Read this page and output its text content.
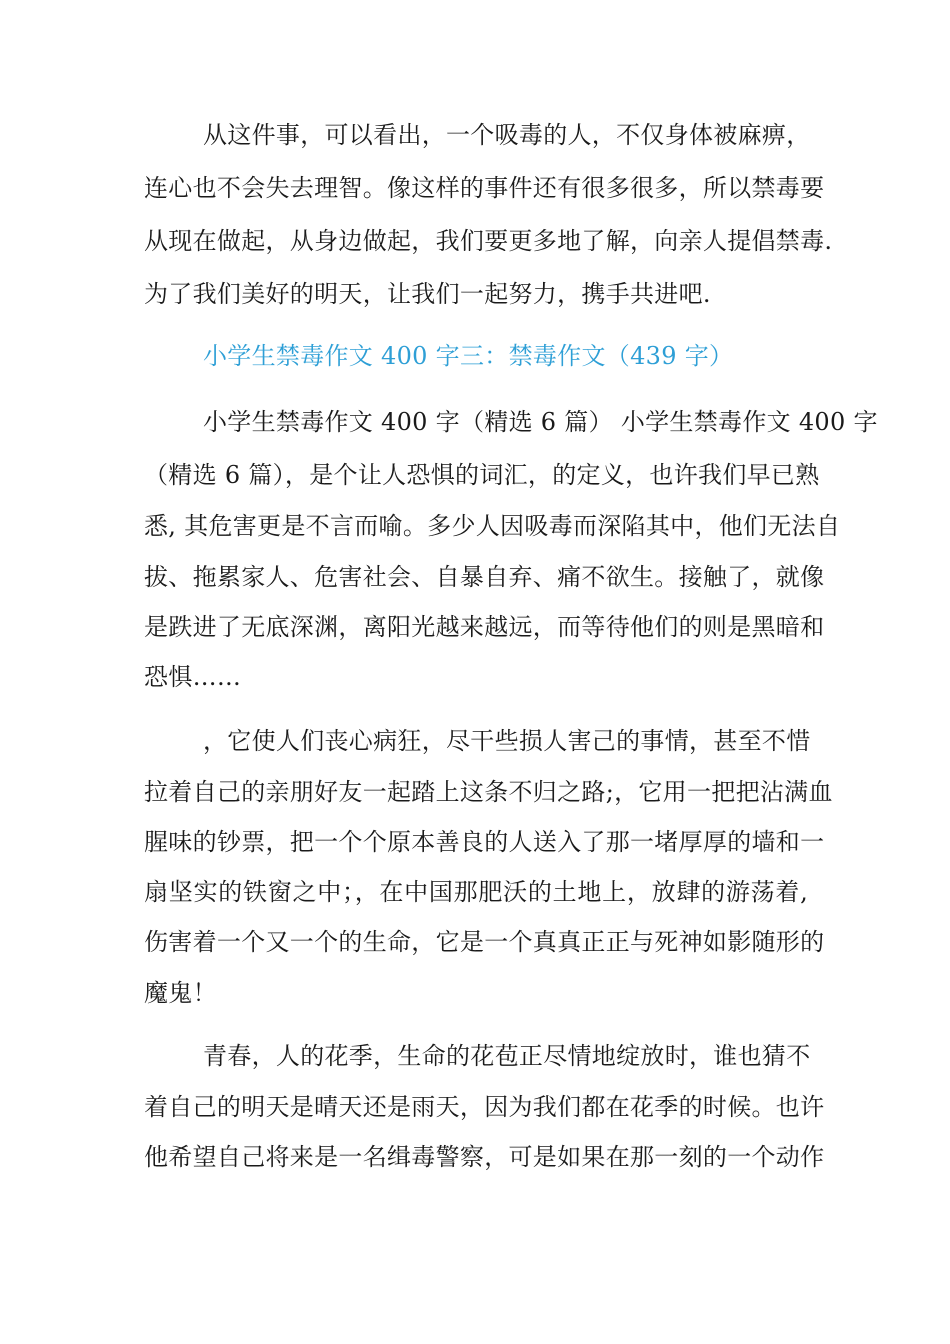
从这件事，可以看出，一个吸毒的人，不仅身体被麻痹，
连心也不会失去理智。像这样的事件还有很多很多，所以禁毒要
从现在做起，从身边做起，我们要更多地了解，向亲人提倡禁毒.
为了我们美好的明天，让我们一起努力，携手共进吧.
小学生禁毒作文 400 字三：禁毒作文（439 字）
小学生禁毒作文 400 字（精选 6 篇） 小学生禁毒作文 400 字
（精选 6 篇），是个让人恐惧的词汇，的定义，也许我们早已熟
悉, 其危害更是不言而喻。多少人因吸毒而深陷其中，他们无法自
拔、拖累家人、危害社会、自暴自弃、痛不欲生。接触了，就像
是跌进了无底深渊，离阳光越来越远，而等待他们的则是黑暗和
恐惧……
，它使人们丧心病狂，尽干些损人害己的事情，甚至不惜
拉着自己的亲朋好友一起踏上这条不归之路;，它用一把把沾满血
腥味的钞票，把一个个原本善良的人送入了那一堵厚厚的墙和一
扇坚实的铁窗之中；，在中国那肥沃的土地上，放肆的游荡着,
伤害着一个又一个的生命，它是一个真真正正与死神如影随形的
魔鬼！
青春，人的花季，生命的花苞正尽情地绽放时，谁也猜不
着自己的明天是晴天还是雨天，因为我们都在花季的时候。也许
他希望自己将来是一名缉毒警察，可是如果在那一刻的一个动作
